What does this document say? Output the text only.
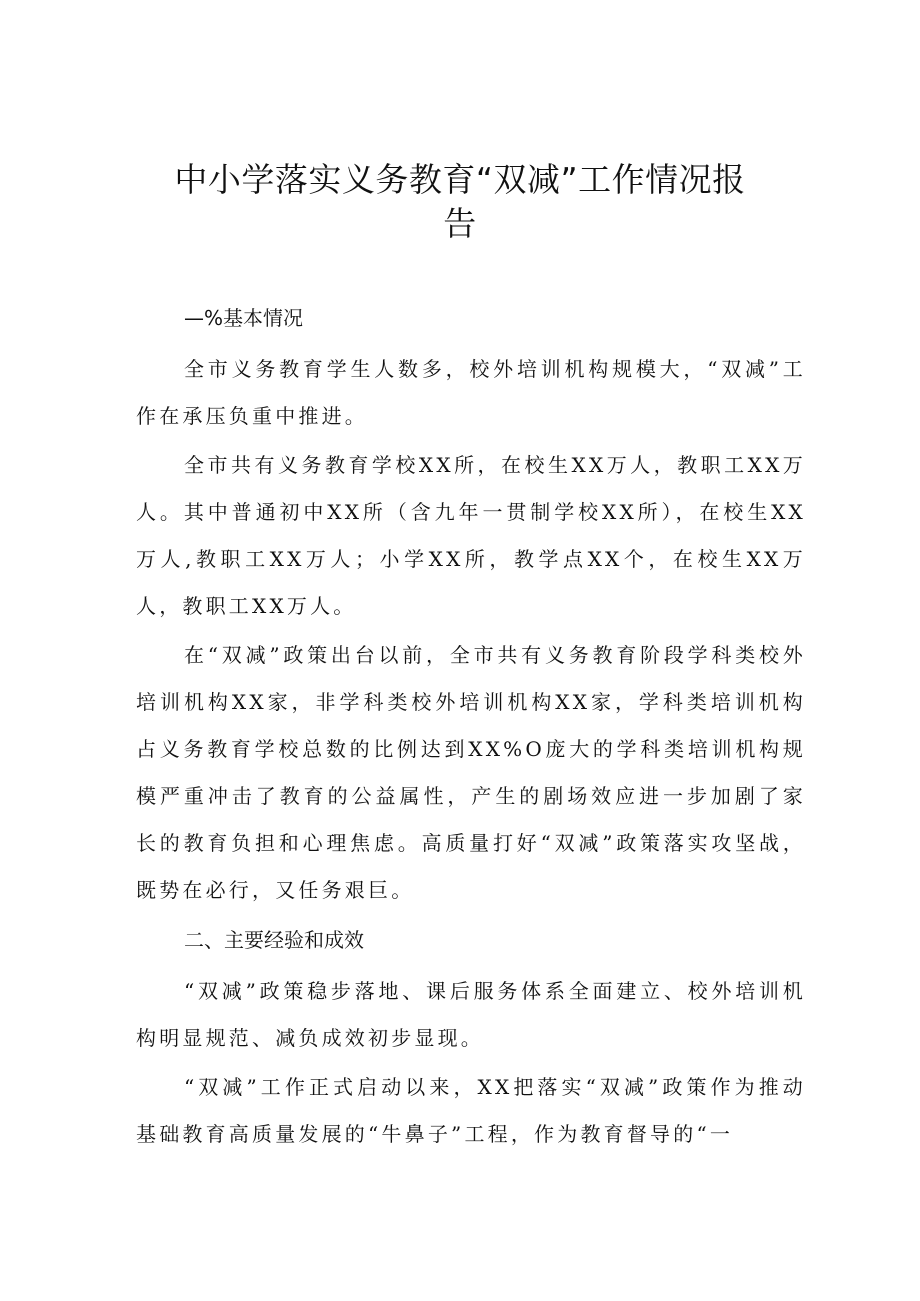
中小学落实义务教育“双减”工作情况报
告
—%基本情况

全市义务教育学生人数多，校外培训机构规模大，“双减”工作在承压负重中推进。

全市共有义务教育学校XX所，在校生XX万人，教职工XX万人。其中普通初中XX所（含九年一贯制学校XX所），在校生XX万人,教职工XX万人；小学XX所，教学点XX个，在校生XX万人，教职工XX万人。

在“双减”政策出台以前，全市共有义务教育阶段学科类校外培训机构XX家，非学科类校外培训机构XX家，学科类培训机构占义务教育学校总数的比例达到XX%O庞大的学科类培训机构规模严重冲击了教育的公益属性，产生的剧场效应进一步加剧了家长的教育负担和心理焦虑。高质量打好“双减”政策落实攻坚战，既势在必行，又任务艰巨。

二、主要经验和成效

“双减”政策稳步落地、课后服务体系全面建立、校外培训机构明显规范、减负成效初步显现。

“双减”工作正式启动以来，XX把落实“双减”政策作为推动基础教育高质量发展的“牛鼻子”工程，作为教育督导的“一
